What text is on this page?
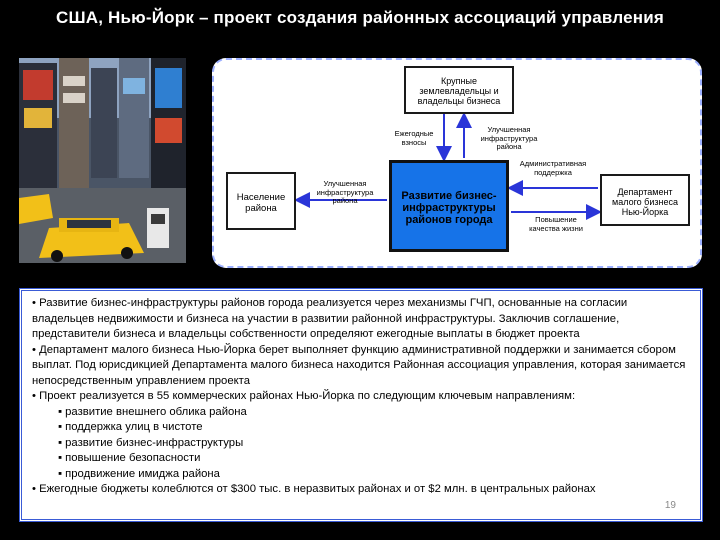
США, Нью-Йорк – проект создания районных ассоциаций управления
Крупные землевладельцы и владельцы бизнеса
Население района
Развитие бизнес-инфраструктуры районов города
Департамент малого бизнеса Нью-Йорка
Ежегодные взносы
Улучшенная инфраструктура района
Улучшенная инфраструктура района
Административная поддержка
Повышение качества жизни

• Развитие бизнес-инфраструктуры районов города реализуется через механизмы ГЧП, основанные на согласии владельцев недвижимости и бизнеса на участии в развитии районной инфраструктуры. Заключив соглашение, представители бизнеса и владельцы собственности определяют ежегодные выплаты в бюджет проекта

• Департамент малого бизнеса Нью-Йорка берет выполняет функцию административной поддержки и занимается сбором выплат. Под юрисдикцией Департамента малого бизнеса находится Районная ассоциация управления, которая занимается непосредственным управлением проекта

• Проект реализуется в 55 коммерческих районах Нью-Йорка по следующим ключевым направлениям:

▪ развитие внешнего облика района

▪ поддержка улиц в чистоте

▪ развитие бизнес-инфраструктуры

▪ повышение безопасности

▪ продвижение имиджа района

• Ежегодные бюджеты колеблются от $300 тыс. в неразвитых районах и от $2 млн. в центральных районах

19
